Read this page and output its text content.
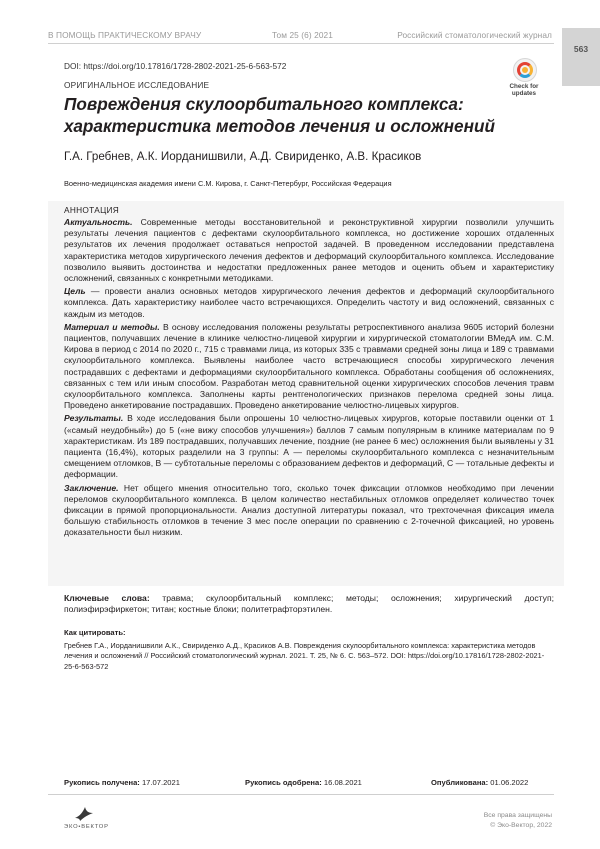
В ПОМОЩЬ ПРАКТИЧЕСКОМУ ВРАЧУ	Том 25 (6) 2021	Российский стоматологический журнал
563
DOI: https://doi.org/10.17816/1728-2802-2021-25-6-563-572
ОРИГИНАЛЬНОЕ ИССЛЕДОВАНИЕ	Check for
updates
Повреждения скулоорбитального комплекса: характеристика методов лечения и осложнений
Г.А. Гребнев, А.К. Иорданишвили, А.Д. Свириденко, А.В. Красиков
Военно-медицинская академия имени С.М. Кирова, г. Санкт-Петербург, Российская Федерация

АННОТАЦИЯ

Актуальность. Современные методы восстановительной и реконструктивной хирургии позволили улучшить результаты лечения пациентов с дефектами скулоорбитального комплекса, но достижение хороших отдаленных результатов их лечения продолжает оставаться непростой задачей. В проведенном исследовании представлена характеристика методов хирургического лечения дефектов и деформаций скулоорбитального комплекса. Исследование позволило выявить достоинства и недостатки предложенных ранее методов и оценить объем и характеристику осложнений, связанных с конкретными методиками.

Цель — провести анализ основных методов хирургического лечения дефектов и деформаций скулоорбитального комплекса. Дать характеристику наиболее часто встречающихся. Определить частоту и вид осложнений, связанных с каждым из методов.

Материал и методы. В основу исследования положены результаты ретроспективного анализа 9605 историй болезни пациентов, получавших лечение в клинике челюстно-лицевой хирургии и хирургической стоматологии ВМедА им. С.М. Кирова в период с 2014 по 2020 г., 715 с травмами лица, из которых 335 с травмами средней зоны лица и 189 с травмами скулоорбитального комплекса. Выявлены наиболее часто встречающиеся способы хирургического лечения пострадавших с дефектами и деформациями скулоорбитального комплекса. Обработаны сообщения об осложнениях, связанных с тем или иным способом. Разработан метод сравнительной оценки хирургических способов лечения травм скулоорбитального комплекса. Заполнены карты рентгенологических признаков перелома средней зоны лица. Проведено анкетирование пострадавших. Проведено анкетирование челюстно-лицевых хирургов.

Результаты. В ходе исследования были опрошены 10 челюстно-лицевых хирургов, которые поставили оценки от 1 («самый неудобный») до 5 («не вижу способов улучшения») баллов 7 самым популярным в клинике материалам по 9 характеристикам. Из 189 пострадавших, получавших лечение, поздние (не ранее 6 мес) осложнения были выявлены у 31 пациента (16,4%), которых разделили на 3 группы: А — переломы скулоорбитального комплекса с незначительным смещением отломков, В — субтотальные переломы с образованием дефектов и деформаций, С — тотальные дефекты и деформации.

Заключение. Нет общего мнения относительно того, сколько точек фиксации отломков необходимо при лечении переломов скулоорбитального комплекса. В целом количество нестабильных отломков определяет количество точек фиксации в прямой пропорциональности. Анализ доступной литературы показал, что трехточечная фиксация имела большую стабильность отломков в течение 3 мес после операции по сравнению с 2-точечной фиксацией, но уровень доказательности был низким.

Ключевые слова: травма; скулоорбитальный комплекс; методы; осложнения; хирургический доступ; полиэфирэфиркетон; титан; костные блоки; политетрафторэтилен.
Как цитировать:
Гребнев Г.А., Иорданишвили А.К., Свириденко А.Д., Красиков А.В. Повреждения скулоорбитального комплекса: характеристика методов лечения и осложнений // Российский стоматологический журнал. 2021. Т. 25, № 6. С. 563–572. DOI: https://doi.org/10.17816/1728-2802-2021-25-6-563-572
Рукопись получена: 17.07.2021	Рукопись одобрена: 16.08.2021	Опубликована: 01.06.2022
ЭКО•ВЕКТОР
Все права защищены
© Эко-Вектор, 2022
